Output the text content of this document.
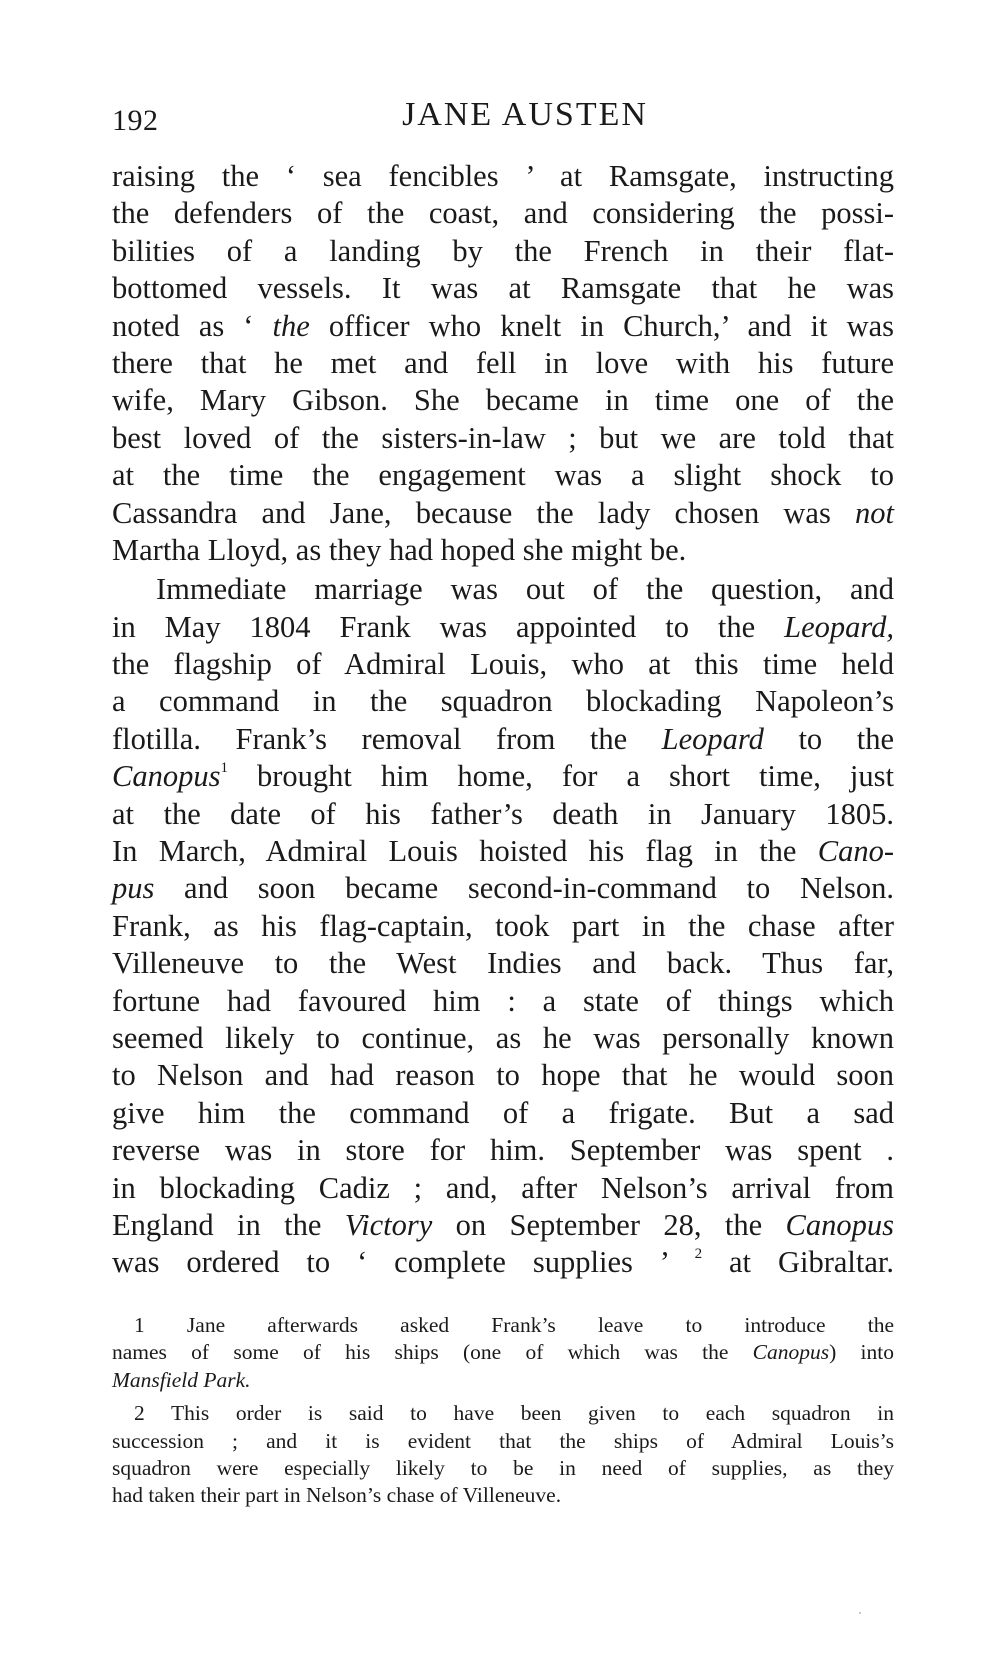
192	JANE AUSTEN
raising the ‘ sea fencibles ’ at Ramsgate, instructing
the defenders of the coast, and considering the possi-
bilities of a landing by the French in their flat-
bottomed vessels. It was at Ramsgate that he was
noted as ‘ the officer who knelt in Church,’ and it was
there that he met and fell in love with his future
wife, Mary Gibson. She became in time one of the
best loved of the sisters-in-law ; but we are told that
at the time the engagement was a slight shock to
Cassandra and Jane, because the lady chosen was not
Martha Lloyd, as they had hoped she might be.
Immediate marriage was out of the question, and
in May 1804 Frank was appointed to the Leopard,
the flagship of Admiral Louis, who at this time held
a command in the squadron blockading Napoleon’s
flotilla. Frank’s removal from the Leopard to the
Canopus$^1$ brought him home, for a short time, just
at the date of his father’s death in January 1805.
In March, Admiral Louis hoisted his flag in the Cano-
pus and soon became second-in-command to Nelson.
Frank, as his flag-captain, took part in the chase after
Villeneuve to the West Indies and back. Thus far,
fortune had favoured him : a state of things which
seemed likely to continue, as he was personally known
to Nelson and had reason to hope that he would soon
give him the command of a frigate. But a sad
reverse was in store for him. September was spent .
in blockading Cadiz ; and, after Nelson’s arrival from
England in the Victory on September 28, the Canopus
was ordered to ‘ complete supplies ’ $^2$ at Gibraltar.
1 Jane afterwards asked Frank’s leave to introduce the
names of some of his ships (one of which was the Canopus) into
Mansfield Park.
2 This order is said to have been given to each squadron in
succession ; and it is evident that the ships of Admiral Louis’s
squadron were especially likely to be in need of supplies, as they
had taken their part in Nelson’s chase of Villeneuve.
